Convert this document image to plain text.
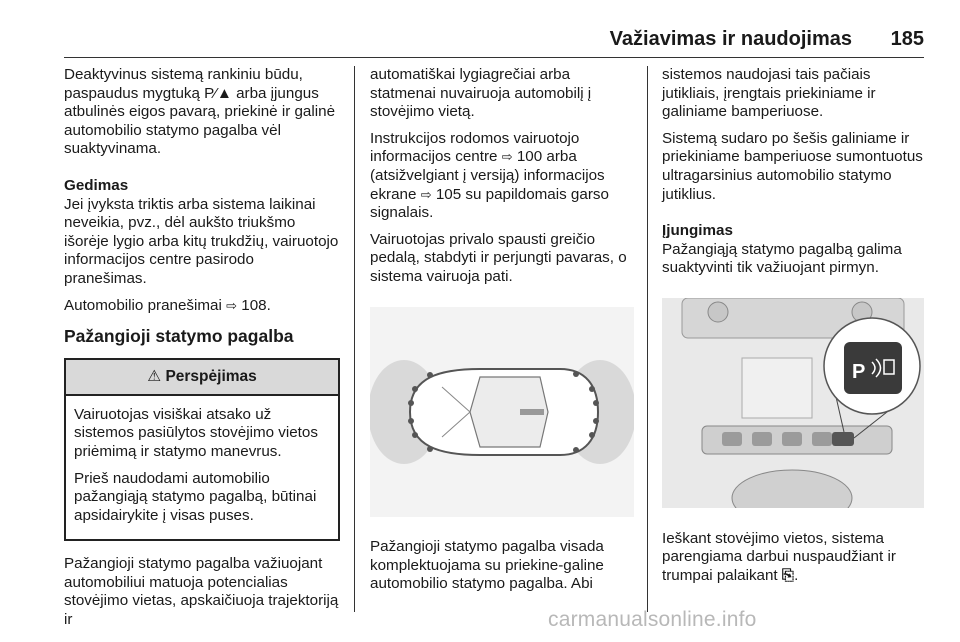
Važiavimas ir naudojimas 185

Deaktyvinus sistemą rankiniu būdu, paspaudus mygtuką P⁄▲ arba įjungus atbulinės eigos pavarą, priekinė ir galinė automobilio statymo pagalba vėl suaktyvinama.

Gedimas

Jei įvyksta triktis arba sistema laikinai neveikia, pvz., dėl aukšto triukšmo išorėje lygio arba kitų trukdžių, vairuotojo informacijos centre pasirodo pranešimas.

Automobilio pranešimai ⇨ 108.

Pažangioji statymo pagalba
⚠ Perspėjimas

Vairuotojas visiškai atsako už sistemos pasiūlytos stovėjimo vietos priėmimą ir statymo manevrus.

Prieš naudodami automobilio pažangiąją statymo pagalbą, būtinai apsidairykite į visas puses.

Pažangioji statymo pagalba važiuojant automobiliui matuoja potencialias stovėjimo vietas, apskaičiuoja trajektoriją ir

automatiškai lygiagrečiai arba statmenai nuvairuoja automobilį į stovėjimo vietą.

Instrukcijos rodomos vairuotojo informacijos centre ⇨ 100 arba (atsižvelgiant į versiją) informacijos ekrane ⇨ 105 su papildomais garso signalais.

Vairuotojas privalo spausti greičio pedalą, stabdyti ir perjungti pavaras, o sistema vairuoja pati.

Pažangioji statymo pagalba visada komplektuojama su priekine-galine automobilio statymo pagalba. Abi

sistemos naudojasi tais pačiais jutikliais, įrengtais priekiniame ir galiniame bamperiuose.

Sistemą sudaro po šešis galiniame ir priekiniame bamperiuose sumontuotus ultragarsinius automobilio statymo jutiklius.

Įjungimas

Pažangiąją statymo pagalbą galima suaktyvinti tik važiuojant pirmyn.

P

Ieškant stovėjimo vietos, sistema parengiama darbui nuspaudžiant ir trumpai palaikant ⎘.

carmanualsonline.info
